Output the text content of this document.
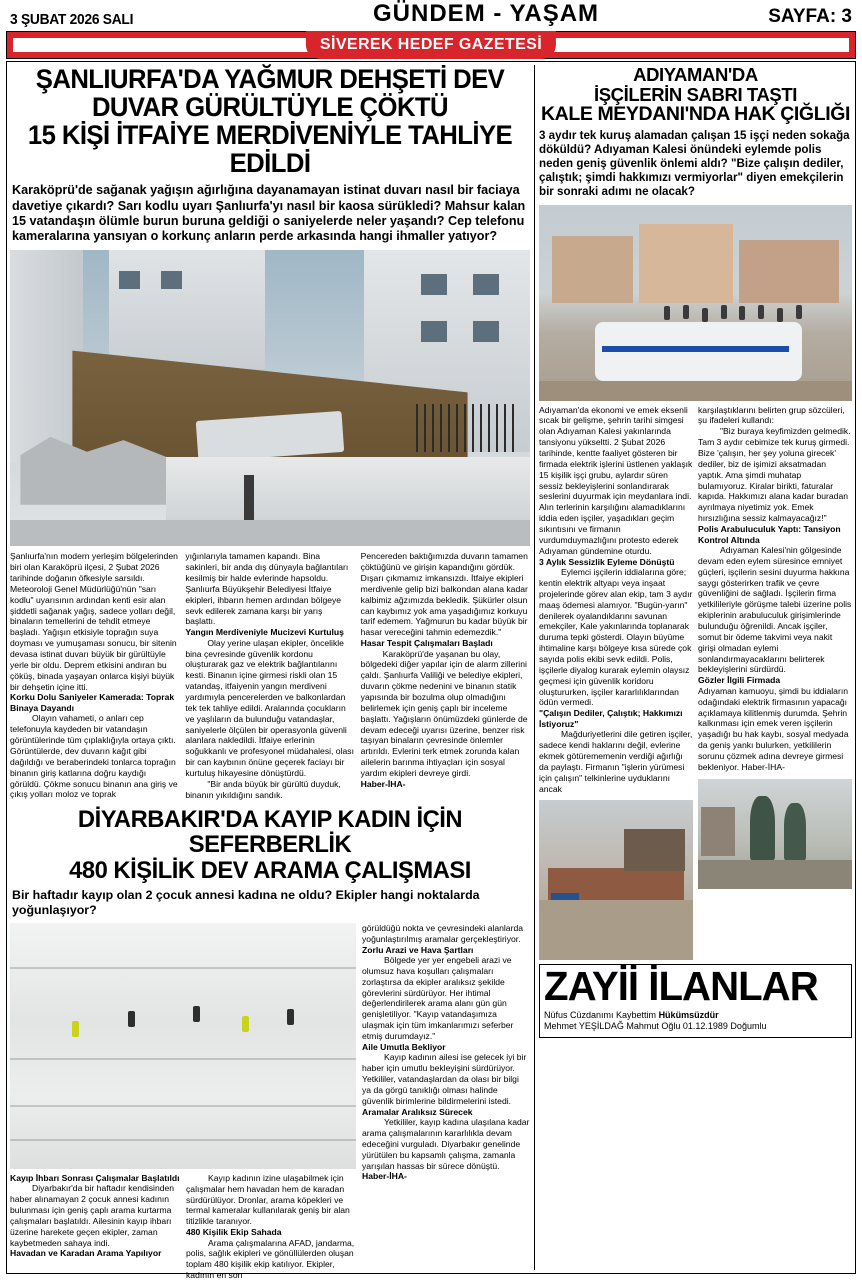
3 ŞUBAT 2026 SALI	GÜNDEM - YAŞAM	SAYFA: 3
SİVEREK HEDEF GAZETESİ
ŞANLIURFA'DA YAĞMUR DEHŞETİ DEV DUVAR GÜRÜLTÜYLE ÇÖKTÜ
15 KİŞİ İTFAİYE MERDİVENİYLE TAHLİYE EDİLDİ
Karaköprü'de sağanak yağışın ağırlığına dayanamayan istinat duvarı nasıl bir faciaya davetiye çıkardı? Sarı kodlu uyarı Şanlıurfa'yı nasıl bir kaosa sürükledi? Mahsur kalan 15 vatandaşın ölümle burun buruna geldiği o saniyelerde neler yaşandı? Cep telefonu kameralarına yansıyan o korkunç anların perde arkasında hangi ihmaller yatıyor?

Şanlıurfa'nın modern yerleşim bölgelerinden biri olan Karaköprü ilçesi, 2 Şubat 2026 tarihinde doğanın öfkesiyle sarsıldı. Meteoroloji Genel Müdürlüğü'nün "sarı kodlu" uyarısının ardından kenti esir alan şiddetli sağanak yağış, sadece yolları değil, binaların temellerini de tehdit etmeye başladı. Yağışın etkisiyle toprağın suya doyması ve yumuşaması sonucu, bir sitenin devasa istinat duvarı büyük bir gürültüyle yerle bir oldu. Deprem etkisini andıran bu çöküş, binada yaşayan onlarca kişiyi büyük bir dehşetin içine itti.

Korku Dolu Saniyeler Kamerada: Toprak Binaya Dayandı

Olayın vahameti, o anları cep telefonuyla kaydeden bir vatandaşın görüntülerinde tüm çıplaklığıyla ortaya çıktı. Görüntülerde, dev duvarın kağıt gibi dağıldığı ve beraberindeki tonlarca toprağın binanın giriş katlarına doğru kaydığı görüldü. Çökme sonucu binanın ana giriş ve çıkış yolları moloz ve toprak

yığınlarıyla tamamen kapandı. Bina sakinleri, bir anda dış dünyayla bağlantıları kesilmiş bir halde evlerinde hapsoldu. Şanlıurfa Büyükşehir Belediyesi İtfaiye ekipleri, ihbarın hemen ardından bölgeye sevk edilerek zamana karşı bir yarış başlattı.

Yangın Merdiveniyle Mucizevi Kurtuluş

Olay yerine ulaşan ekipler, öncelikle bina çevresinde güvenlik kordonu oluşturarak gaz ve elektrik bağlantılarını kesti. Binanın içine girmesi riskli olan 15 vatandaş, itfaiyenin yangın merdiveni yardımıyla pencerelerden ve balkonlardan tek tek tahliye edildi. Aralarında çocukların ve yaşlıların da bulunduğu vatandaşlar, saniyelerle ölçülen bir operasyonla güvenli alanlara nakledildi. İtfaiye erlerinin soğukkanlı ve profesyonel müdahalesi, olası bir can kaybının önüne geçerek faciayı bir kurtuluş hikayesine dönüştürdü.

"Bir anda büyük bir gürültü duyduk, binanın yıkıldığını sandık.

Pencereden baktığımızda duvarın tamamen çöktüğünü ve girişin kapandığını gördük. Dışarı çıkmamız imkansızdı. İtfaiye ekipleri merdivenle gelip bizi balkondan alana kadar kalbimiz ağzımızda bekledik. Şükürler olsun can kaybımız yok ama yaşadığımız korkuyu tarif edemem. Yağmurun bu kadar büyük bir hasar vereceğini tahmin edemezdik."

Hasar Tespit Çalışmaları Başladı

Karaköprü'de yaşanan bu olay, bölgedeki diğer yapılar için de alarm zillerini çaldı. Şanlıurfa Valiliği ve belediye ekipleri, duvarın çökme nedenini ve binanın statik yapısında bir bozulma olup olmadığını belirlemek için geniş çaplı bir inceleme başlattı. Yağışların önümüzdeki günlerde de devam edeceği uyarısı üzerine, benzer risk taşıyan binaların çevresinde önlemler artırıldı. Evlerini terk etmek zorunda kalan ailelerin barınma ihtiyaçları için sosyal yardım ekipleri devreye girdi.

Haber-İHA-

DİYARBAKIR'DA KAYIP KADIN İÇİN SEFERBERLİK
480 KİŞİLİK DEV ARAMA ÇALIŞMASI
Bir haftadır kayıp olan 2 çocuk annesi kadına ne oldu? Ekipler hangi noktalarda yoğunlaşıyor?

Kayıp İhbarı Sonrası Çalışmalar Başlatıldı

Diyarbakır'da bir haftadır kendisinden haber alınamayan 2 çocuk annesi kadının bulunması için geniş çaplı arama kurtarma çalışmaları başlatıldı. Ailesinin kayıp ihbarı üzerine harekete geçen ekipler, zaman kaybetmeden sahaya indi.

Havadan ve Karadan Arama Yapılıyor

Kayıp kadının izine ulaşabilmek için çalışmalar hem havadan hem de karadan sürdürülüyor. Dronlar, arama köpekleri ve termal kameralar kullanılarak geniş bir alan titizlikle taranıyor.

480 Kişilik Ekip Sahada

Arama çalışmalarına AFAD, jandarma, polis, sağlık ekipleri ve gönüllülerden oluşan toplam 480 kişilik ekip katılıyor. Ekipler, kadının en son

görüldüğü nokta ve çevresindeki alanlarda yoğunlaştırılmış aramalar gerçekleştiriyor.

Zorlu Arazi ve Hava Şartları

Bölgede yer yer engebeli arazi ve olumsuz hava koşulları çalışmaları zorlaştırsa da ekipler aralıksız şekilde görevlerini sürdürüyor. Her ihtimal değerlendirilerek arama alanı gün gün genişletiliyor. "Kayıp vatandaşımıza ulaşmak için tüm imkanlarımızı seferber etmiş durumdayız."

Aile Umutla Bekliyor

Kayıp kadının ailesi ise gelecek iyi bir haber için umutlu bekleyişini sürdürüyor. Yetkililer, vatandaşlardan da olası bir bilgi ya da görgü tanıklığı olması halinde güvenlik birimlerine bildirmelerini istedi.

Aramalar Aralıksız Sürecek

Yetkililer, kayıp kadına ulaşılana kadar arama çalışmalarının kararlılıkla devam edeceğini vurguladı. Diyarbakır genelinde yürütülen bu kapsamlı çalışma, zamanla yarışılan hassas bir sürece dönüştü.

Haber-İHA-

ADIYAMAN'DA
İŞÇİLERİN SABRI TAŞTI
KALE MEYDANI'NDA HAK ÇIĞLIĞI
3 aydır tek kuruş alamadan çalışan 15 işçi neden sokağa döküldü? Adıyaman Kalesi önündeki eylemde polis neden geniş güvenlik önlemi aldı? "Bize çalışın dediler, çalıştık; şimdi hakkımızı vermiyorlar" diyen emekçilerin bir sonraki adımı ne olacak?

Adıyaman'da ekonomi ve emek eksenli sıcak bir gelişme, şehrin tarihi simgesi olan Adıyaman Kalesi yakınlarında tansiyonu yükseltti. 2 Şubat 2026 tarihinde, kentte faaliyet gösteren bir firmada elektrik işlerini üstlenen yaklaşık 15 kişilik işçi grubu, aylardır süren sessiz bekleyişlerini sonlandırarak seslerini duyurmak için meydanlara indi. Alın terlerinin karşılığını alamadıklarını iddia eden işçiler, yaşadıkları geçim sıkıntısını ve firmanın vurdumduymazlığını protesto ederek Adıyaman gündemine oturdu.

3 Aylık Sessizlik Eyleme Dönüştü

Eylemci işçilerin iddialarına göre; kentin elektrik altyapı veya inşaat projelerinde görev alan ekip, tam 3 aydır maaş ödemesi alamıyor. "Bugün-yarın" denilerek oyalandıklarını savunan emekçiler, Kale yakınlarında toplanarak duruma tepki gösterdi. Olayın büyüme ihtimaline karşı bölgeye kısa sürede çok sayıda polis ekibi sevk edildi. Polis, işçilerle diyalog kurarak eylemin olaysız geçmesi için güvenlik koridoru oluştururken, işçiler kararlılıklarından ödün vermedi.

"Çalışın Dediler, Çalıştık; Hakkımızı İstiyoruz"

Mağduriyetlerini dile getiren işçiler, sadece kendi haklarını değil, evlerine ekmek götürememenin verdiği ağırlığı da paylaştı. Firmanın "işlerin yürümesi için çalışın" telkinlerine uyduklarını ancak

karşılaştıklarını belirten grup sözcüleri, şu ifadeleri kullandı:

"Biz buraya keyfimizden gelmedik. Tam 3 aydır cebimize tek kuruş girmedi. Bize 'çalışın, her şey yoluna girecek' dediler, biz de işimizi aksatmadan yaptık. Ama şimdi muhatap bulamıyoruz. Kiralar birikti, faturalar kapıda. Hakkımızı alana kadar buradan ayrılmaya niyetimiz yok. Emek hırsızlığına sessiz kalmayacağız!"

Polis Arabuluculuk Yaptı: Tansiyon Kontrol Altında

Adıyaman Kalesi'nin gölgesinde devam eden eylem süresince emniyet güçleri, işçilerin sesini duyurma hakkına saygı gösterirken trafik ve çevre güvenliğini de sağladı. İşçilerin firma yetkilileriyle görüşme talebi üzerine polis ekiplerinin arabuluculuk girişimlerinde bulunduğu öğrenildi. Ancak işçiler, somut bir ödeme takvimi veya nakit girişi olmadan eylemi sonlandırmayacaklarını belirterek bekleyişlerini sürdürdü.

Gözler İlgili Firmada

Adıyaman kamuoyu, şimdi bu iddiaların odağındaki elektrik firmasının yapacağı açıklamaya kilitlenmiş durumda. Şehrin kalkınması için emek veren işçilerin yaşadığı bu hak kaybı, sosyal medyada da geniş yankı bulurken, yetkililerin sorunu çözmek adına devreye girmesi bekleniyor. Haber-İHA-

ZAYİİ İLANLAR
Nüfus Cüzdanımı Kaybettim Hükümsüzdür
Mehmet YEŞİLDAĞ Mahmut Oğlu 01.12.1989 Doğumlu
